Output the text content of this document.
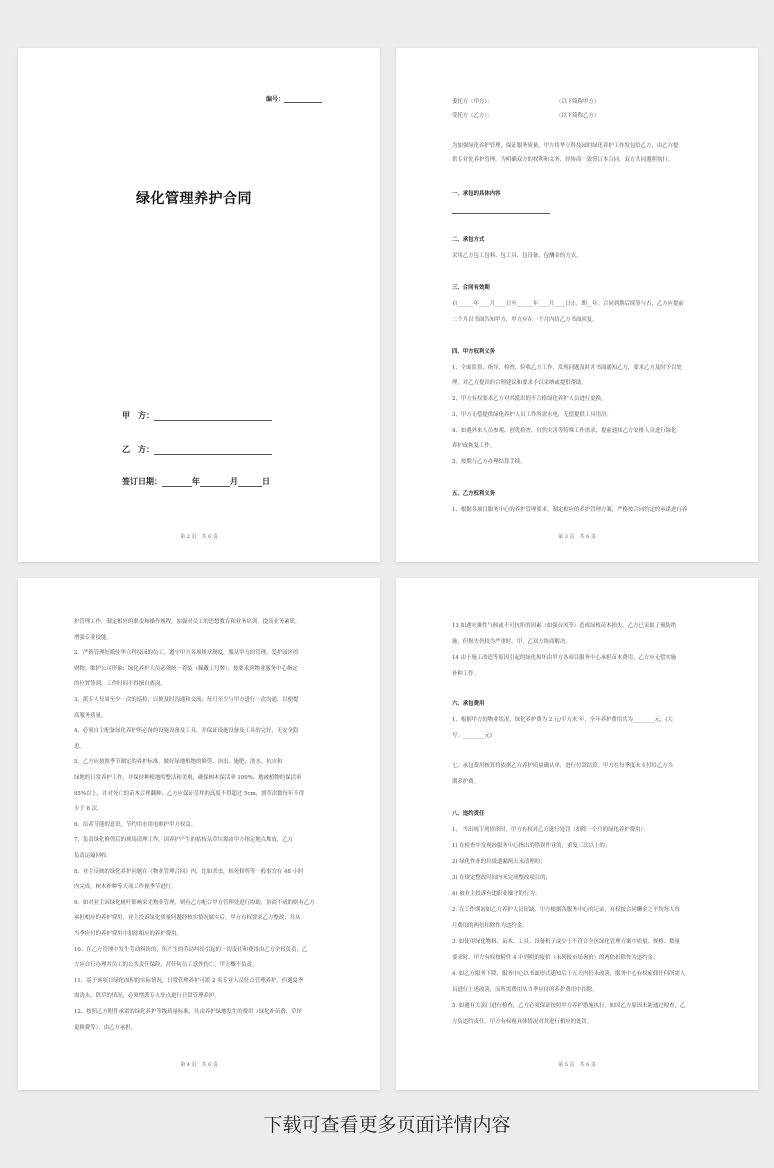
编号：
绿化管理养护合同
甲　方：
乙　方：
签订日期：	年	月	日
第 2 页　共 6 页
委托方（甲方）：	（以下简称甲方）
受托方（乙方）：	（以下简称乙方）
为加强绿化养护管理，保证服务质量，甲方将华立科技园的绿化养护工作发包给乙方，由乙方提
供专业化养护管理。为明确双方的权利和义务，经协商一致签订本合同，双方共同遵照执行。
一、承包的具体内容
二、承包方式
采用乙方包工包料、包工具、包设备、包酬金的方式。
三、合同有效期
自______年____月____日至______年____月____日止，期__年。合同到期后续签与否，乙方应提前
二个月以书面告知甲方，甲方应在一个月内给乙方书面回复。
四、甲方权利义务
1、全面监督、指导、检查、验收乙方工作，发现问题及时并书面通知乙方，要求乙方及时予以处
理，对乙方提出的合理建议和要求予以采纳或提供帮助。
2、甲方有权要求乙方对其派出的不合格绿化养护人员进行更换。
3、甲方无偿提供绿化养护人员工作所需水电，无偿提供工具用房。
4、如遇外来人员参观、创优检查、自然灾害等特殊工作需求，提前通知乙方安排人员进行绿化
养护或恢复工作。
5、按期与乙方办理结算手续。
五、乙方权利义务
1、根据各项目服务中心的养护管理要求，制定相应的养护管理方案，严格按合同约定的承诺进行养
第 3 页　共 6 页
护管理工作，制定相应的职责和操作规程，加强对员工的思想教育和业务培训，提高业务素质，
增强专业技能。
2、严格管理好派驻华立科技园的员工，遵守甲方各项规章制度，服从甲方的管理，爱护园区的
财物。维护公司形象；绿化养护人员必须统一着装（佩戴工号牌），按要求到物业服务中心指定
的位置签到，工作时间不得擅自离岗。
3、派专人每周至少一次的巡检，以便及时沟通和交流；每月至少与甲方进行一次沟通，以便提
高服务质量。
4、必须自主配备绿化养护所必备的设施设备及工具，并保证设施设备及工具的完好，无安全隐
患。
5、乙方应按照季节制定的养护标准，做好绿地植物的修剪、治虫、施肥、浇水、抗灾和
绿地的日常养护工作，并保持种植地的整洁和美观，确保树木保活率 100%，地被植物的保活率
95%以上，并对死亡的苗木合理翻种；乙方应保证草坪的高度不得超过 5cm，割草次数每年不得
少于 8 次。
6、培养节能的意识，节约用水用电维护甲方权益。
7、负责绿化修剪后的现场清理工作，因养护产生的枯枝杂草垃圾由甲方指定地点堆放，乙方
负责运输回收。
8、业主反映的绿化养护问题在《物业管理合同》内，比如杀虫，枯死修剪等一般事宜在 48 小时
内完成，树木补种等天项工作视季节进行。
9、如对业主因绿化树叶影响采光物业管理，则有乙方配合甲方管理处进行协助，协商不成的则有乙方
承担相应的养护费用。业主投诉绿化质量问题经核实情况属实后，甲方有权要求乙方整改，并从
当季应付的养护费用中扣除相应的养护费用。
10、在乙方管理中发生劳动纠纷的，所产生的劳动纠纷引起的一切责任和费用由乙方全权负责，乙
方应自行办理其员工的公共责任保险，甚任何员工意外伤亡，甲方概不负责。
11、基于该项目绿化面积的实际情况，日常管理养护可派 2 名专业人员驻点管理养护，但遇夏季
需浇水、除草的情况，必须增派专人驻点进行日常管理养护。
12、按照乙方附件承诺的绿化养护等级质量标准，其由养护绿地发生的费用（绿化补苗费、草坪
更换费等），由乙方承担。
第 4 页　共 6 页
13 如遇灾难性气候或不可抗拒的因素（如强台风等）造成绿植苗木损失，乙方已采取了预防措
施，但损失仍较为严重时，甲、乙双方协商解决。
14 由于施工改造等原因引起的绿化损坏由甲方各项目服务中心承担苗木费用，乙方应无偿实施
补种工作。
六、承包费用
1、根据甲方的物业状况，绿化养护费为 2 元/平方米·年，全年养护费用共为________元，(大
写：________元)
七、承包费用核算将依据乙方养护质量确认单，进行付款结算。甲方在每季度末支付给乙方当
期养护费。
八、违约责任
1、 当出现下列情形时，甲方有权对乙方进行处罚（扣除一个月的绿化养护费用）：
1) 在检查中发现经服务中心指出的错误作业的，重复三次以上的；
2) 绿化作业的垃圾遗漏两天未清理的；
3) 在规定整改时间内未完成整改项目的；
4) 被业主投诉有违职业操守的行为；
2. 在工作期间如乙方养护人员短缺，甲方根据各服务中心的记录，有权按合同酬金之平均每人每
月费用的两倍扣除作为违约金。
3. 如使用绿化物料、苗木、工具、设备机子或少于不符合全区绿化管理方案中质量、规格、数量
要求时，甲方有权按附件 4 中列明的报价（未列报市场询价）的两倍扣除作为违约金。
4. 如乙方服务下降，服务中心以书面形式通知后于五天内仍未改善，服务中心有权雇佣任何所需人
员进行上述改善，而所需费用从当季应付的养护费用中扣除。
5. 如遇有关部门进行检查，乙方必须保证按照甲方养护措施执行，如因乙方原因未能通过检查，乙
方负违约责任，甲方有权视具体情况对其进行相应的处罚。
第 5 页　共 6 页
下载可查看更多页面详情内容
